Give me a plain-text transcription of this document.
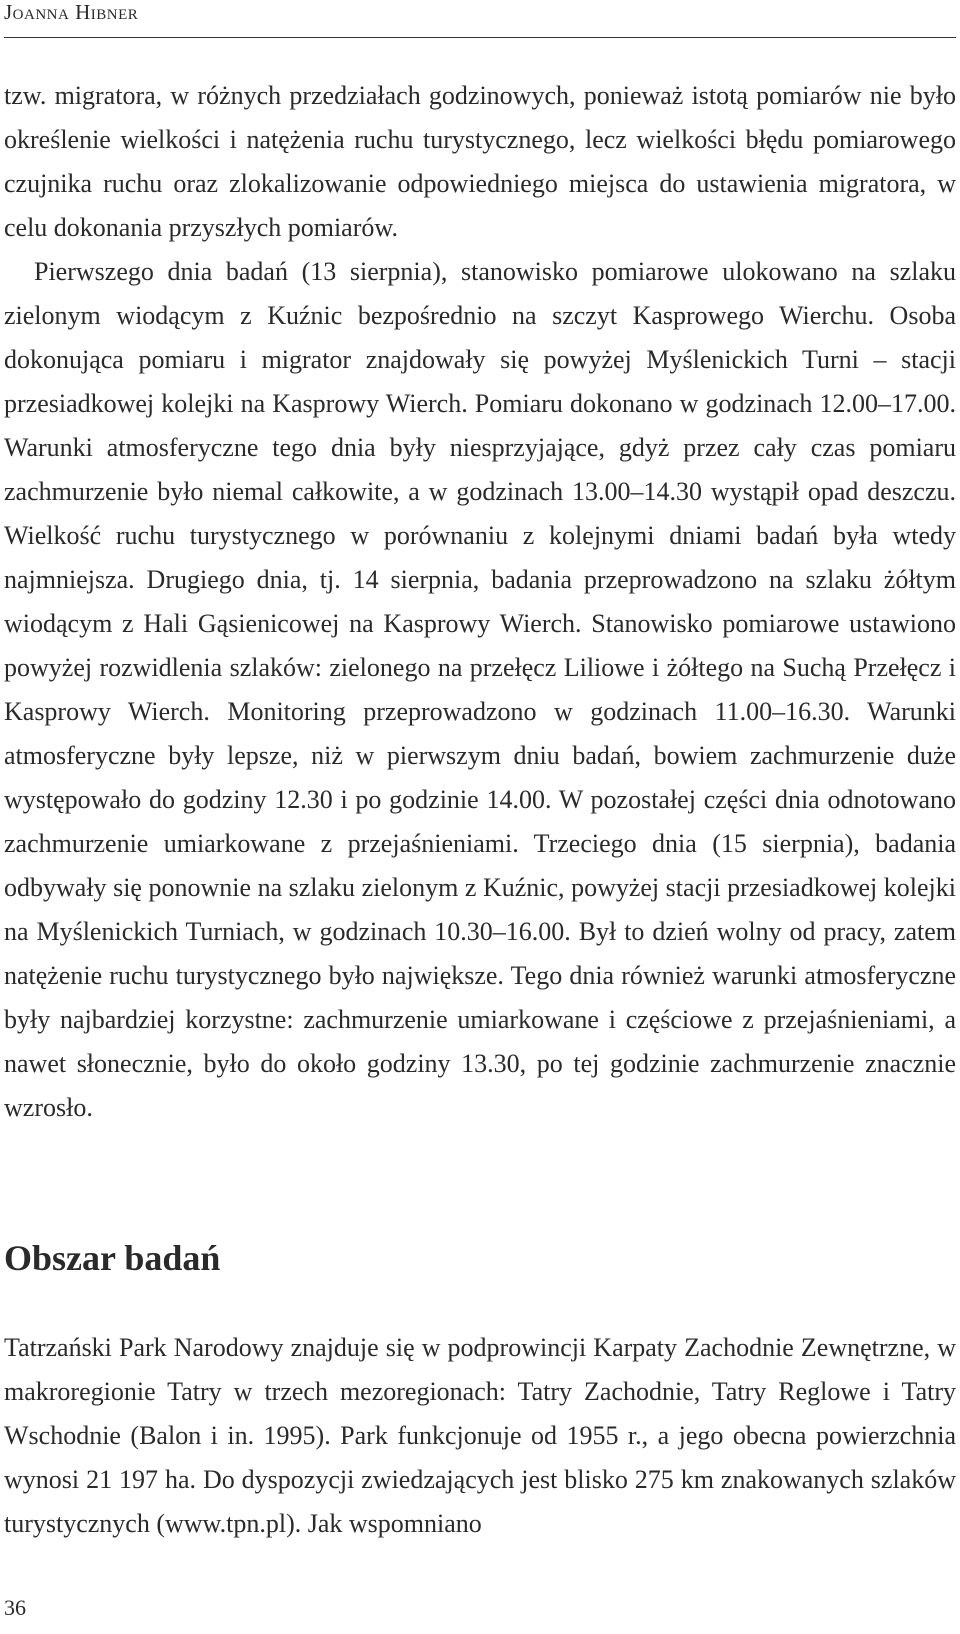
Joanna Hibner

tzw. migratora, w różnych przedziałach godzinowych, ponieważ istotą pomiarów nie było określenie wielkości i natężenia ruchu turystycznego, lecz wielkości błędu pomiarowego czujnika ruchu oraz zlokalizowanie odpowiedniego miejsca do ustawienia migratora, w celu dokonania przyszłych pomiarów.

Pierwszego dnia badań (13 sierpnia), stanowisko pomiarowe ulokowano na szlaku zielonym wiodącym z Kuźnic bezpośrednio na szczyt Kasprowego Wierchu. Osoba dokonująca pomiaru i migrator znajdowały się powyżej Myślenickich Turni – stacji przesiadkowej kolejki na Kasprowy Wierch. Pomiaru dokonano w godzinach 12.00–17.00. Warunki atmosferyczne tego dnia były niesprzyjające, gdyż przez cały czas pomiaru zachmurzenie było niemal całkowite, a w godzinach 13.00–14.30 wystąpił opad deszczu. Wielkość ruchu turystycznego w porównaniu z kolejnymi dniami badań była wtedy najmniejsza. Drugiego dnia, tj. 14 sierpnia, badania przeprowadzono na szlaku żółtym wiodącym z Hali Gąsienicowej na Kasprowy Wierch. Stanowisko pomiarowe ustawiono powyżej rozwidlenia szlaków: zielonego na przełęcz Liliowe i żółtego na Suchą Przełęcz i Kasprowy Wierch. Monitoring przeprowadzono w godzinach 11.00–16.30. Warunki atmosferyczne były lepsze, niż w pierwszym dniu badań, bowiem zachmurzenie duże występowało do godziny 12.30 i po godzinie 14.00. W pozostałej części dnia odnotowano zachmurzenie umiarkowane z przejaśnieniami. Trzeciego dnia (15 sierpnia), badania odbywały się ponownie na szlaku zielonym z Kuźnic, powyżej stacji przesiadkowej kolejki na Myślenickich Turniach, w godzinach 10.30–16.00. Był to dzień wolny od pracy, zatem natężenie ruchu turystycznego było największe. Tego dnia również warunki atmosferyczne były najbardziej korzystne: zachmurzenie umiarkowane i częściowe z przejaśnieniami, a nawet słonecznie, było do około godziny 13.30, po tej godzinie zachmurzenie znacznie wzrosło.

Obszar badań

Tatrzański Park Narodowy znajduje się w podprowincji Karpaty Zachodnie Zewnętrzne, w makroregionie Tatry w trzech mezoregionach: Tatry Zachodnie, Tatry Reglowe i Tatry Wschodnie (Balon i in. 1995). Park funkcjonuje od 1955 r., a jego obecna powierzchnia wynosi 21 197 ha. Do dyspozycji zwiedzających jest blisko 275 km znakowanych szlaków turystycznych (www.tpn.pl). Jak wspomniano

36
